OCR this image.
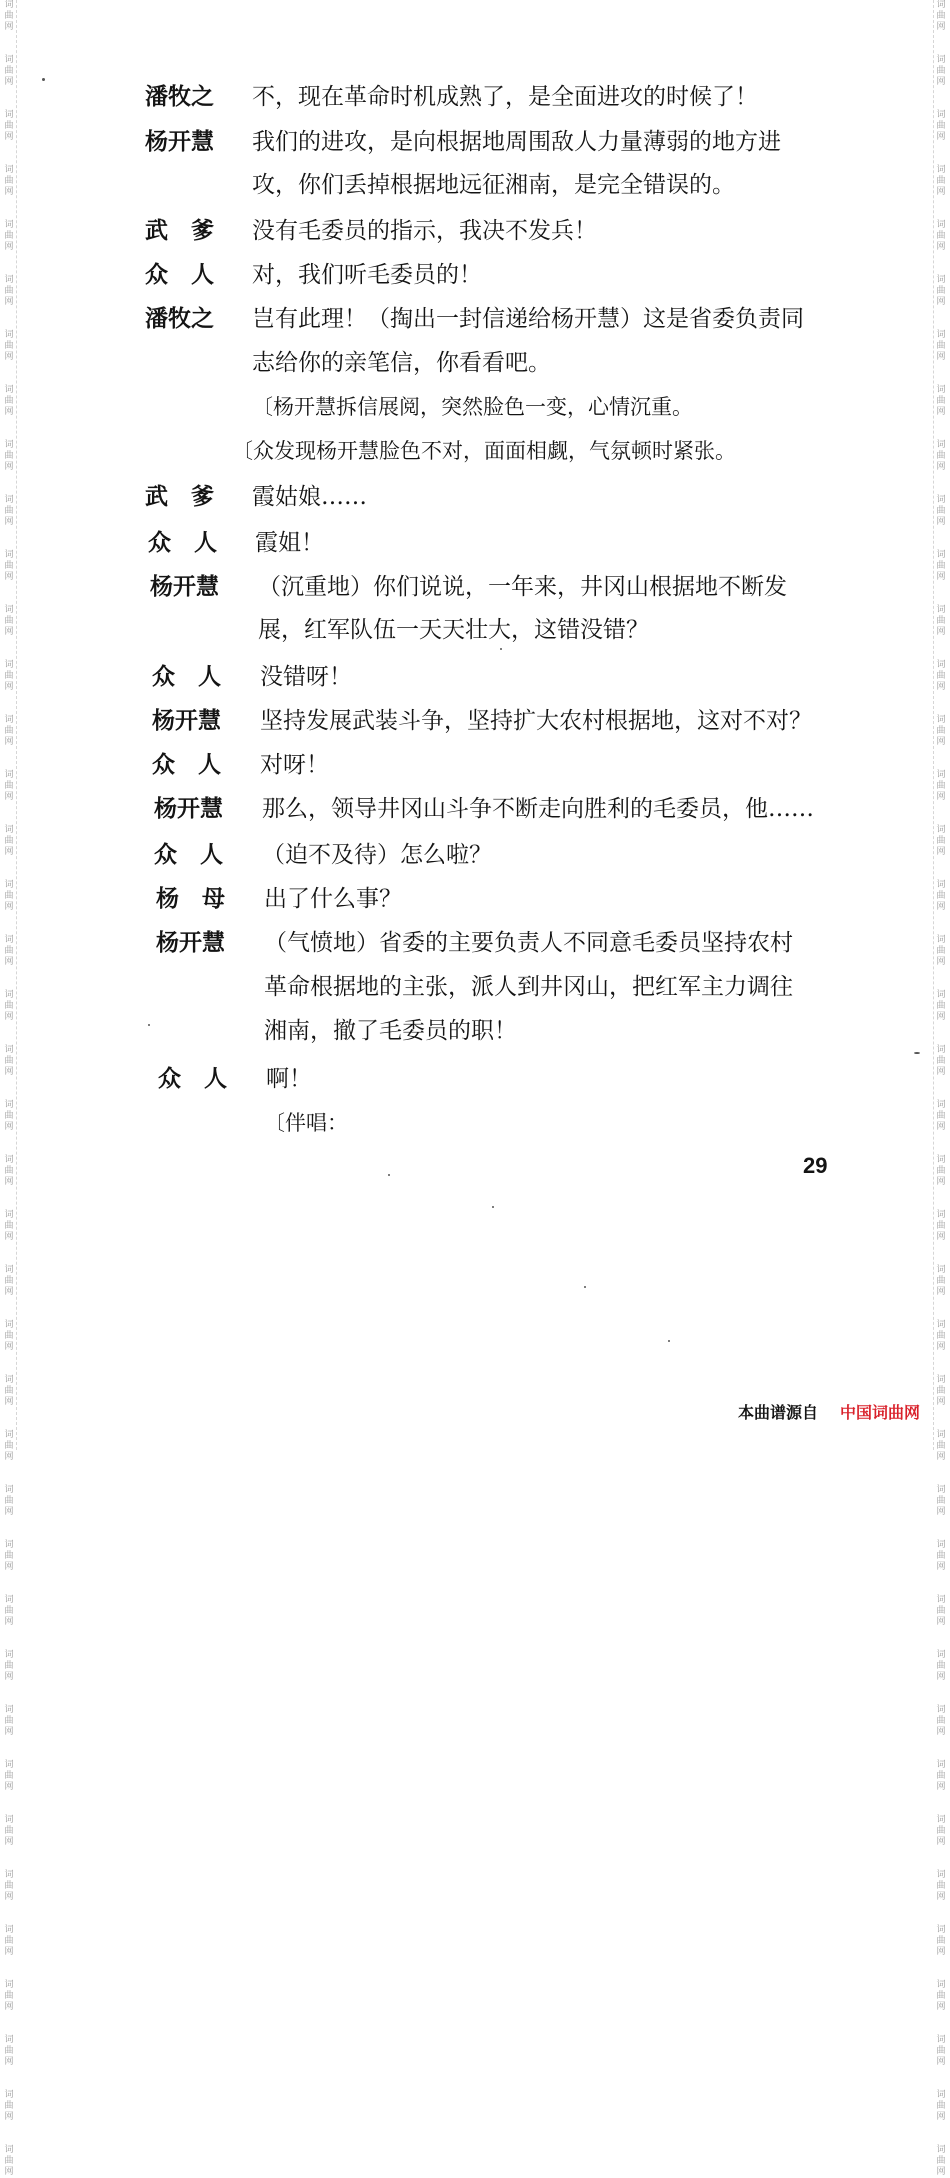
词
曲
网

词
曲
网

词
曲
网

词
曲
网

词
曲
网

词
曲
网

词
曲
网

词
曲
网

词
曲
网

词
曲
网

词
曲
网

词
曲
网

词
曲
网

词
曲
网

词
曲
网

词
曲
网

词
曲
网

词
曲
网

词
曲
网

词
曲
网

词
曲
网

词
曲
网

词
曲
网

词
曲
网

词
曲
网

词
曲
网

词
曲
网

词
曲
网

词
曲
网

词
曲
网

词
曲
网

词
曲
网

词
曲
网

词
曲
网

词
曲
网

词
曲
网

词
曲
网

词
曲
网

词
曲
网

词
曲
网

词
曲
网

词
曲
网

词
曲
网

词
曲
网

词
曲
网

词
曲
网

词
曲
网

词
曲
网

词
曲
网

词
曲
网

词
曲
网

词
曲
网

词
曲
网

词
曲
网

词
曲
网

词
曲
网

词
曲
网

词
曲
网

词
曲
网

词
曲
网

词
曲
网

词
曲
网

词
曲
网

词
曲
网

词
曲
网

词
曲
网

词
曲
网

词
曲
网

词
曲
网

词
曲
网

词
曲
网

词
曲
网

词
曲
网

词
曲
网

词
曲
网

词
曲
网

词
曲
网

词
曲
网

词
曲
网

词
曲
网

潘牧之 不，现在革命时机成熟了，是全面进攻的时候了！
杨开慧 我们的进攻，是向根据地周围敌人力量薄弱的地方进
攻，你们丢掉根据地远征湘南，是完全错误的。
武　爹 没有毛委员的指示，我决不发兵！
众　人 对，我们听毛委员的！
潘牧之 岂有此理！（掏出一封信递给杨开慧）这是省委负责同
志给你的亲笔信，你看看吧。
〔杨开慧拆信展阅，突然脸色一变，心情沉重。
〔众发现杨开慧脸色不对，面面相觑，气氛顿时紧张。
武　爹 霞姑娘……
众　人 霞姐！
杨开慧 （沉重地）你们说说，一年来，井冈山根据地不断发
展，红军队伍一天天壮大，这错没错？
众　人 没错呀！
杨开慧 坚持发展武装斗争，坚持扩大农村根据地，这对不对？
众　人 对呀！
杨开慧 那么，领导井冈山斗争不断走向胜利的毛委员，他……
众　人 （迫不及待）怎么啦？
杨　母 出了什么事？
杨开慧 （气愤地）省委的主要负责人不同意毛委员坚持农村
革命根据地的主张，派人到井冈山，把红军主力调往
湘南，撤了毛委员的职！
众　人 啊！
〔伴唱：
29
本曲谱源自 中国词曲网
